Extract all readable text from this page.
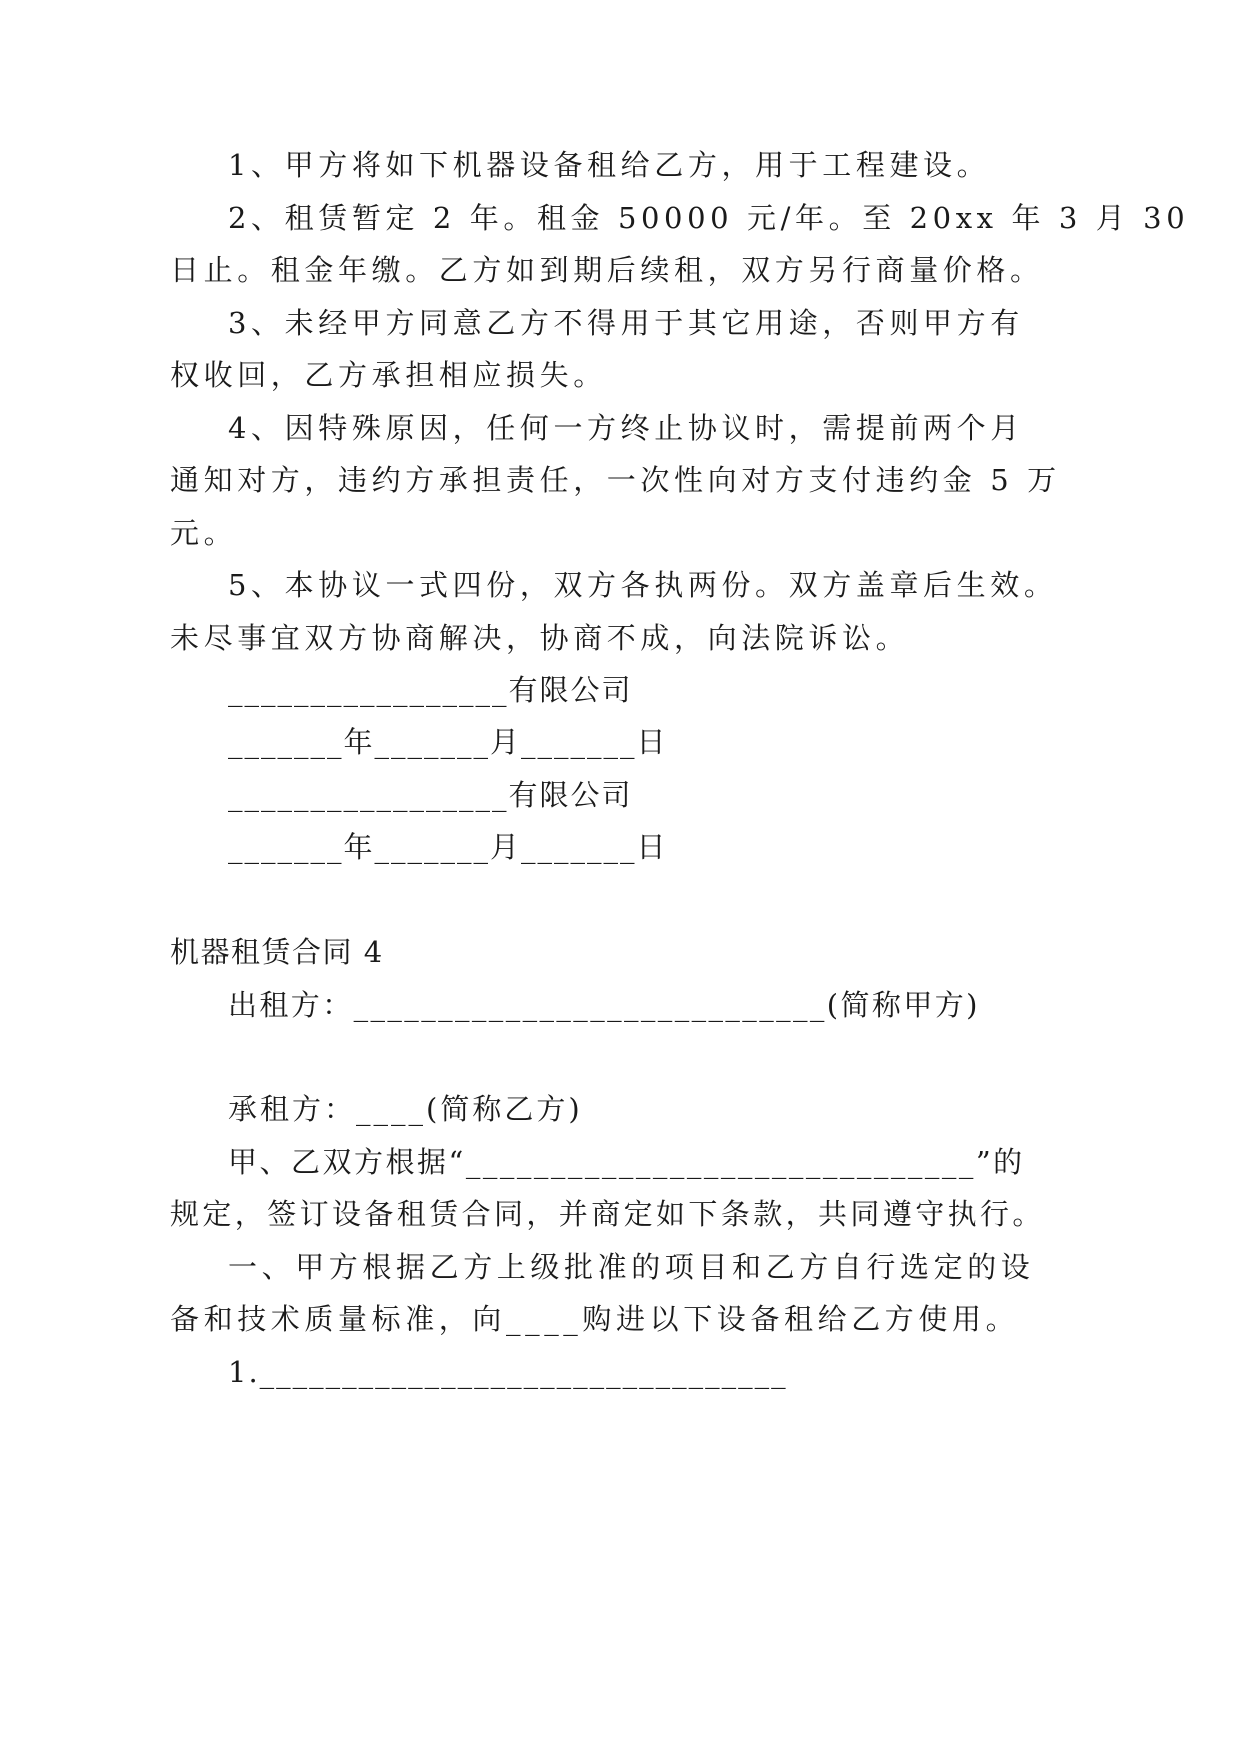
1、甲方将如下机器设备租给乙方，用于工程建设。
2、租赁暂定 2 年。租金 50000 元/年。至 20xx 年 3 月 30
日止。租金年缴。乙方如到期后续租，双方另行商量价格。
3、未经甲方同意乙方不得用于其它用途，否则甲方有
权收回，乙方承担相应损失。
4、因特殊原因，任何一方终止协议时，需提前两个月
通知对方，违约方承担责任，一次性向对方支付违约金 5 万
元。
5、本协议一式四份，双方各执两份。双方盖章后生效。
未尽事宜双方协商解决，协商不成，向法院诉讼。
_________________有限公司
_______年_______月_______日
_________________有限公司
_______年_______月_______日
机器租赁合同 4
出租方：____________________________(简称甲方)
承租方：____(简称乙方)
甲、乙双方根据“______________________________”的
规定，签订设备租赁合同，并商定如下条款，共同遵守执行。
一、甲方根据乙方上级批准的项目和乙方自行选定的设
备和技术质量标准，向____购进以下设备租给乙方使用。
1.________________________________
